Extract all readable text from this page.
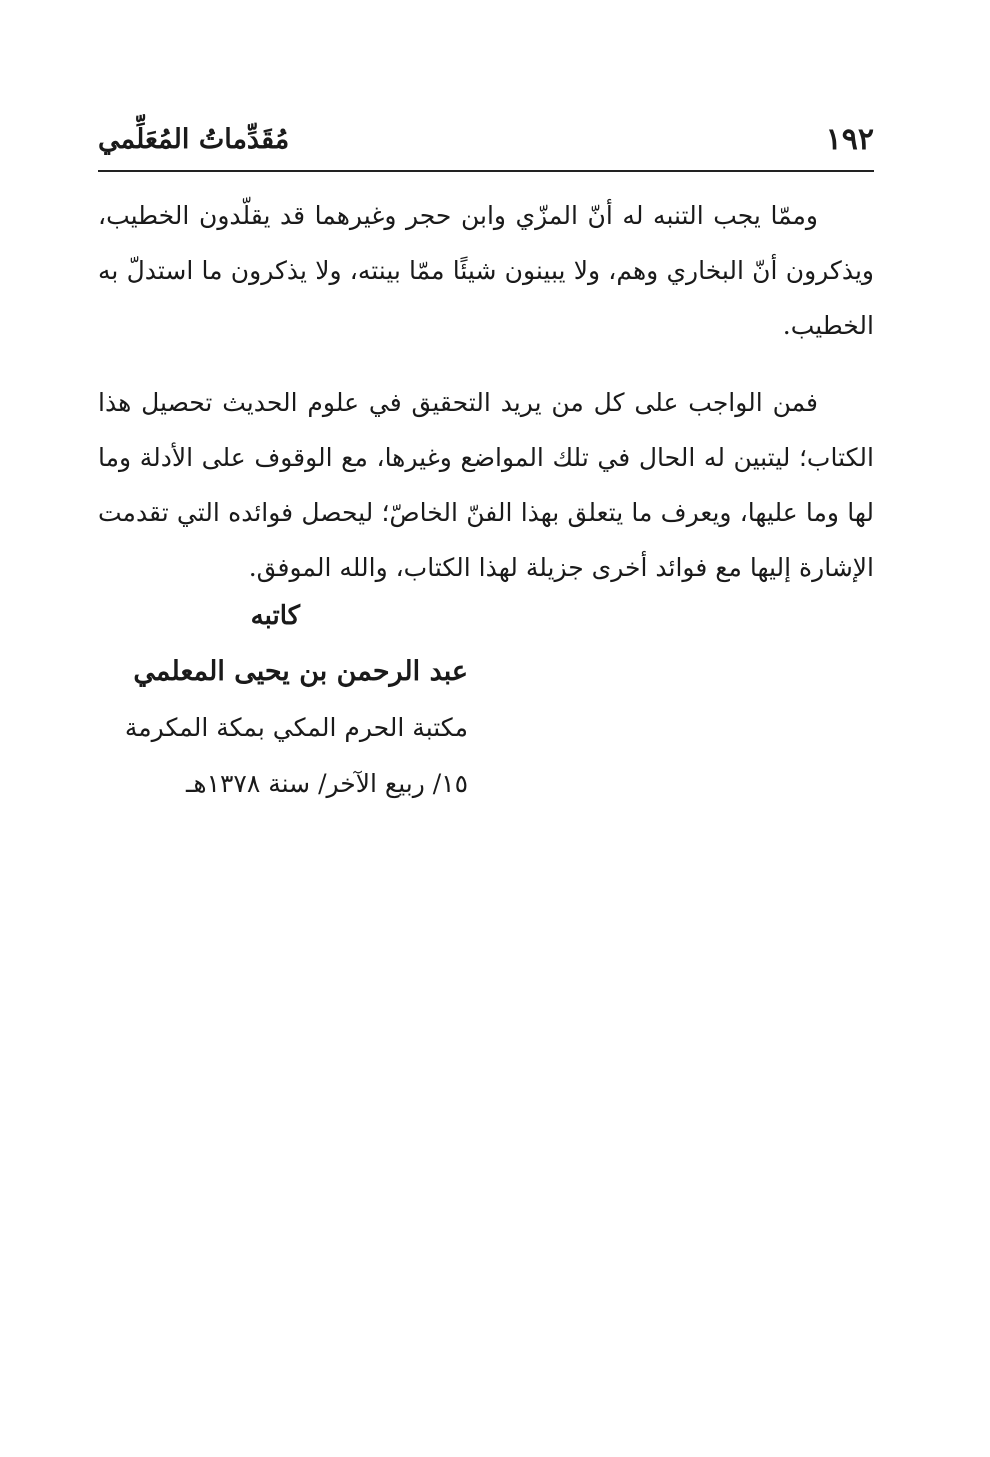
١٩٢
مُقَدِّماتُ المُعَلِّمي

وممّا يجب التنبه له أنّ المزّي وابن حجر وغيرهما قد يقلّدون الخطيب، ويذكرون أنّ البخاري وهم، ولا يبينون شيئًا ممّا بينته، ولا يذكرون ما استدلّ به الخطيب.

فمن الواجب على كل من يريد التحقيق في علوم الحديث تحصيل هذا الكتاب؛ ليتبين له الحال في تلك المواضع وغيرها، مع الوقوف على الأدلة وما لها وما عليها، ويعرف ما يتعلق بهذا الفنّ الخاصّ؛ ليحصل فوائده التي تقدمت الإشارة إليها مع فوائد أخرى جزيلة لهذا الكتاب، والله الموفق.

كاتبه
عبد الرحمن بن يحيى المعلمي
مكتبة الحرم المكي بمكة المكرمة
١٥/ ربيع الآخر/ سنة ١٣٧٨هـ
